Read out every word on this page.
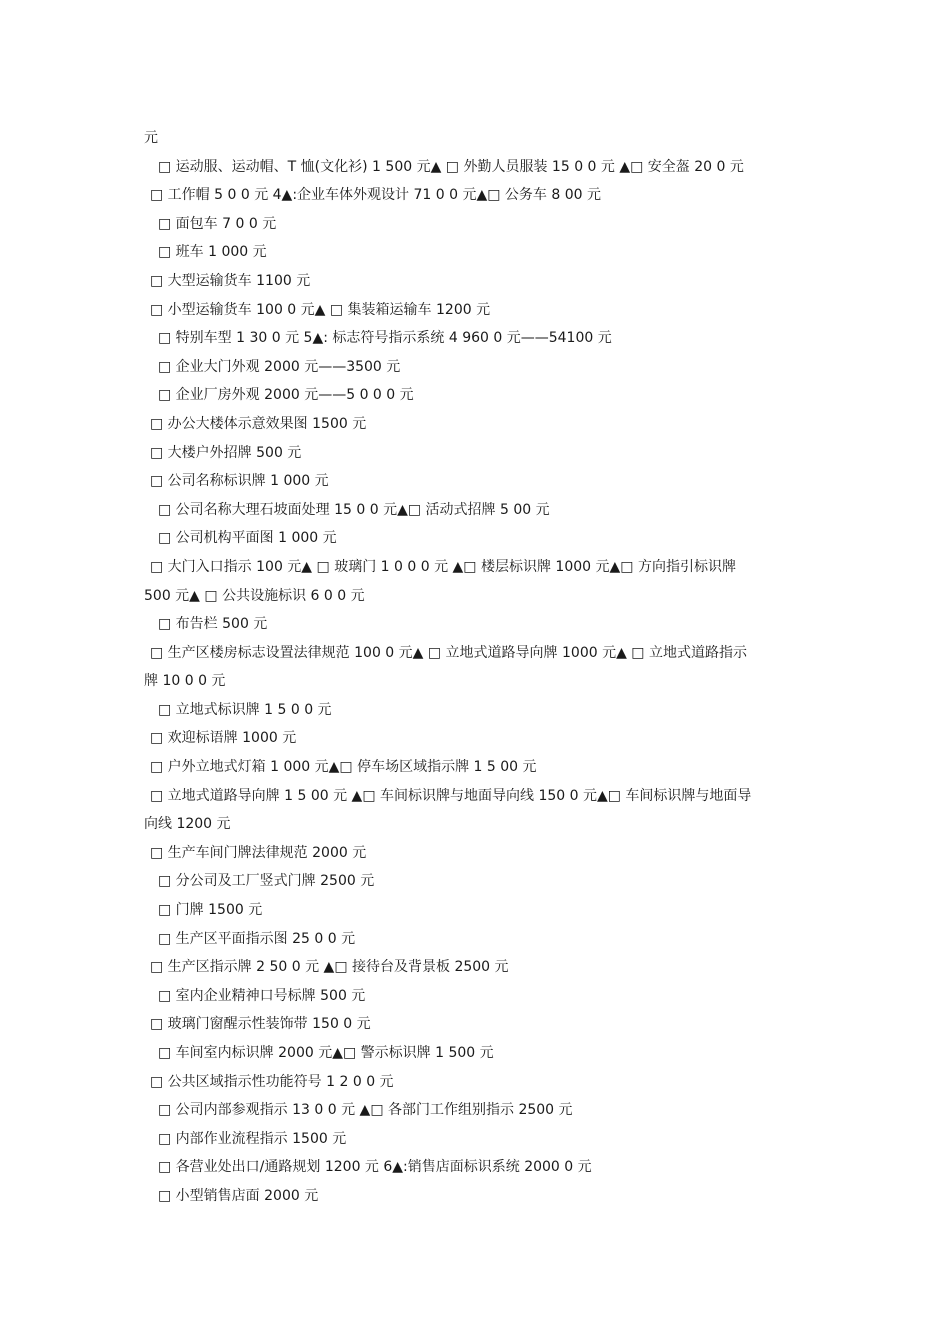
元
□ 运动服、运动帽、T 恤(文化衫) 1 500 元▲ □ 外勤人员服装 15 0 0 元 ▲□ 安全盔 20 0 元
□ 工作帽 5 0 0 元 4▲:企业车体外观设计 71 0 0 元▲□ 公务车 8 00 元
□ 面包车 7 0 0 元
□ 班车 1 000 元
□ 大型运输货车 1100 元
□ 小型运输货车 100 0 元▲ □ 集装箱运输车 1200 元
□ 特别车型 1 30 0 元 5▲: 标志符号指示系统 4 960 0 元——54100 元
□ 企业大门外观 2000 元——3500 元
□ 企业厂房外观 2000 元——5 0 0 0 元
□ 办公大楼体示意效果图 1500 元
□ 大楼户外招牌 500 元
□ 公司名称标识牌 1 000 元
□ 公司名称大理石坡面处理 15 0 0 元▲□ 活动式招牌 5 00 元
□ 公司机构平面图 1 000 元
□ 大门入口指示 100 元▲ □ 玻璃门 1 0 0 0 元 ▲□ 楼层标识牌 1000 元▲□ 方向指引标识牌
500 元▲ □ 公共设施标识 6 0 0 元
□ 布告栏 500 元
□ 生产区楼房标志设置法律规范 100 0 元▲ □ 立地式道路导向牌 1000 元▲ □ 立地式道路指示
牌 10 0 0 元
□ 立地式标识牌 1 5 0 0 元
□ 欢迎标语牌 1000 元
□ 户外立地式灯箱 1 000 元▲□ 停车场区域指示牌 1 5 00 元
□ 立地式道路导向牌 1 5 00 元 ▲□ 车间标识牌与地面导向线 150 0 元▲□ 车间标识牌与地面导
向线 1200 元
□ 生产车间门牌法律规范 2000 元
□ 分公司及工厂竖式门牌 2500 元
□ 门牌 1500 元
□ 生产区平面指示图 25 0 0 元
□ 生产区指示牌 2 50 0 元 ▲□ 接待台及背景板 2500 元
□ 室内企业精神口号标牌 500 元
□ 玻璃门窗醒示性装饰带 150 0 元
□ 车间室内标识牌 2000 元▲□ 警示标识牌 1 500 元
□ 公共区域指示性功能符号 1 2 0 0 元
□ 公司内部参观指示 13 0 0 元 ▲□ 各部门工作组别指示 2500 元
□ 内部作业流程指示 1500 元
□ 各营业处出口/通路规划 1200 元 6▲:销售店面标识系统 2000 0 元
□ 小型销售店面 2000 元
